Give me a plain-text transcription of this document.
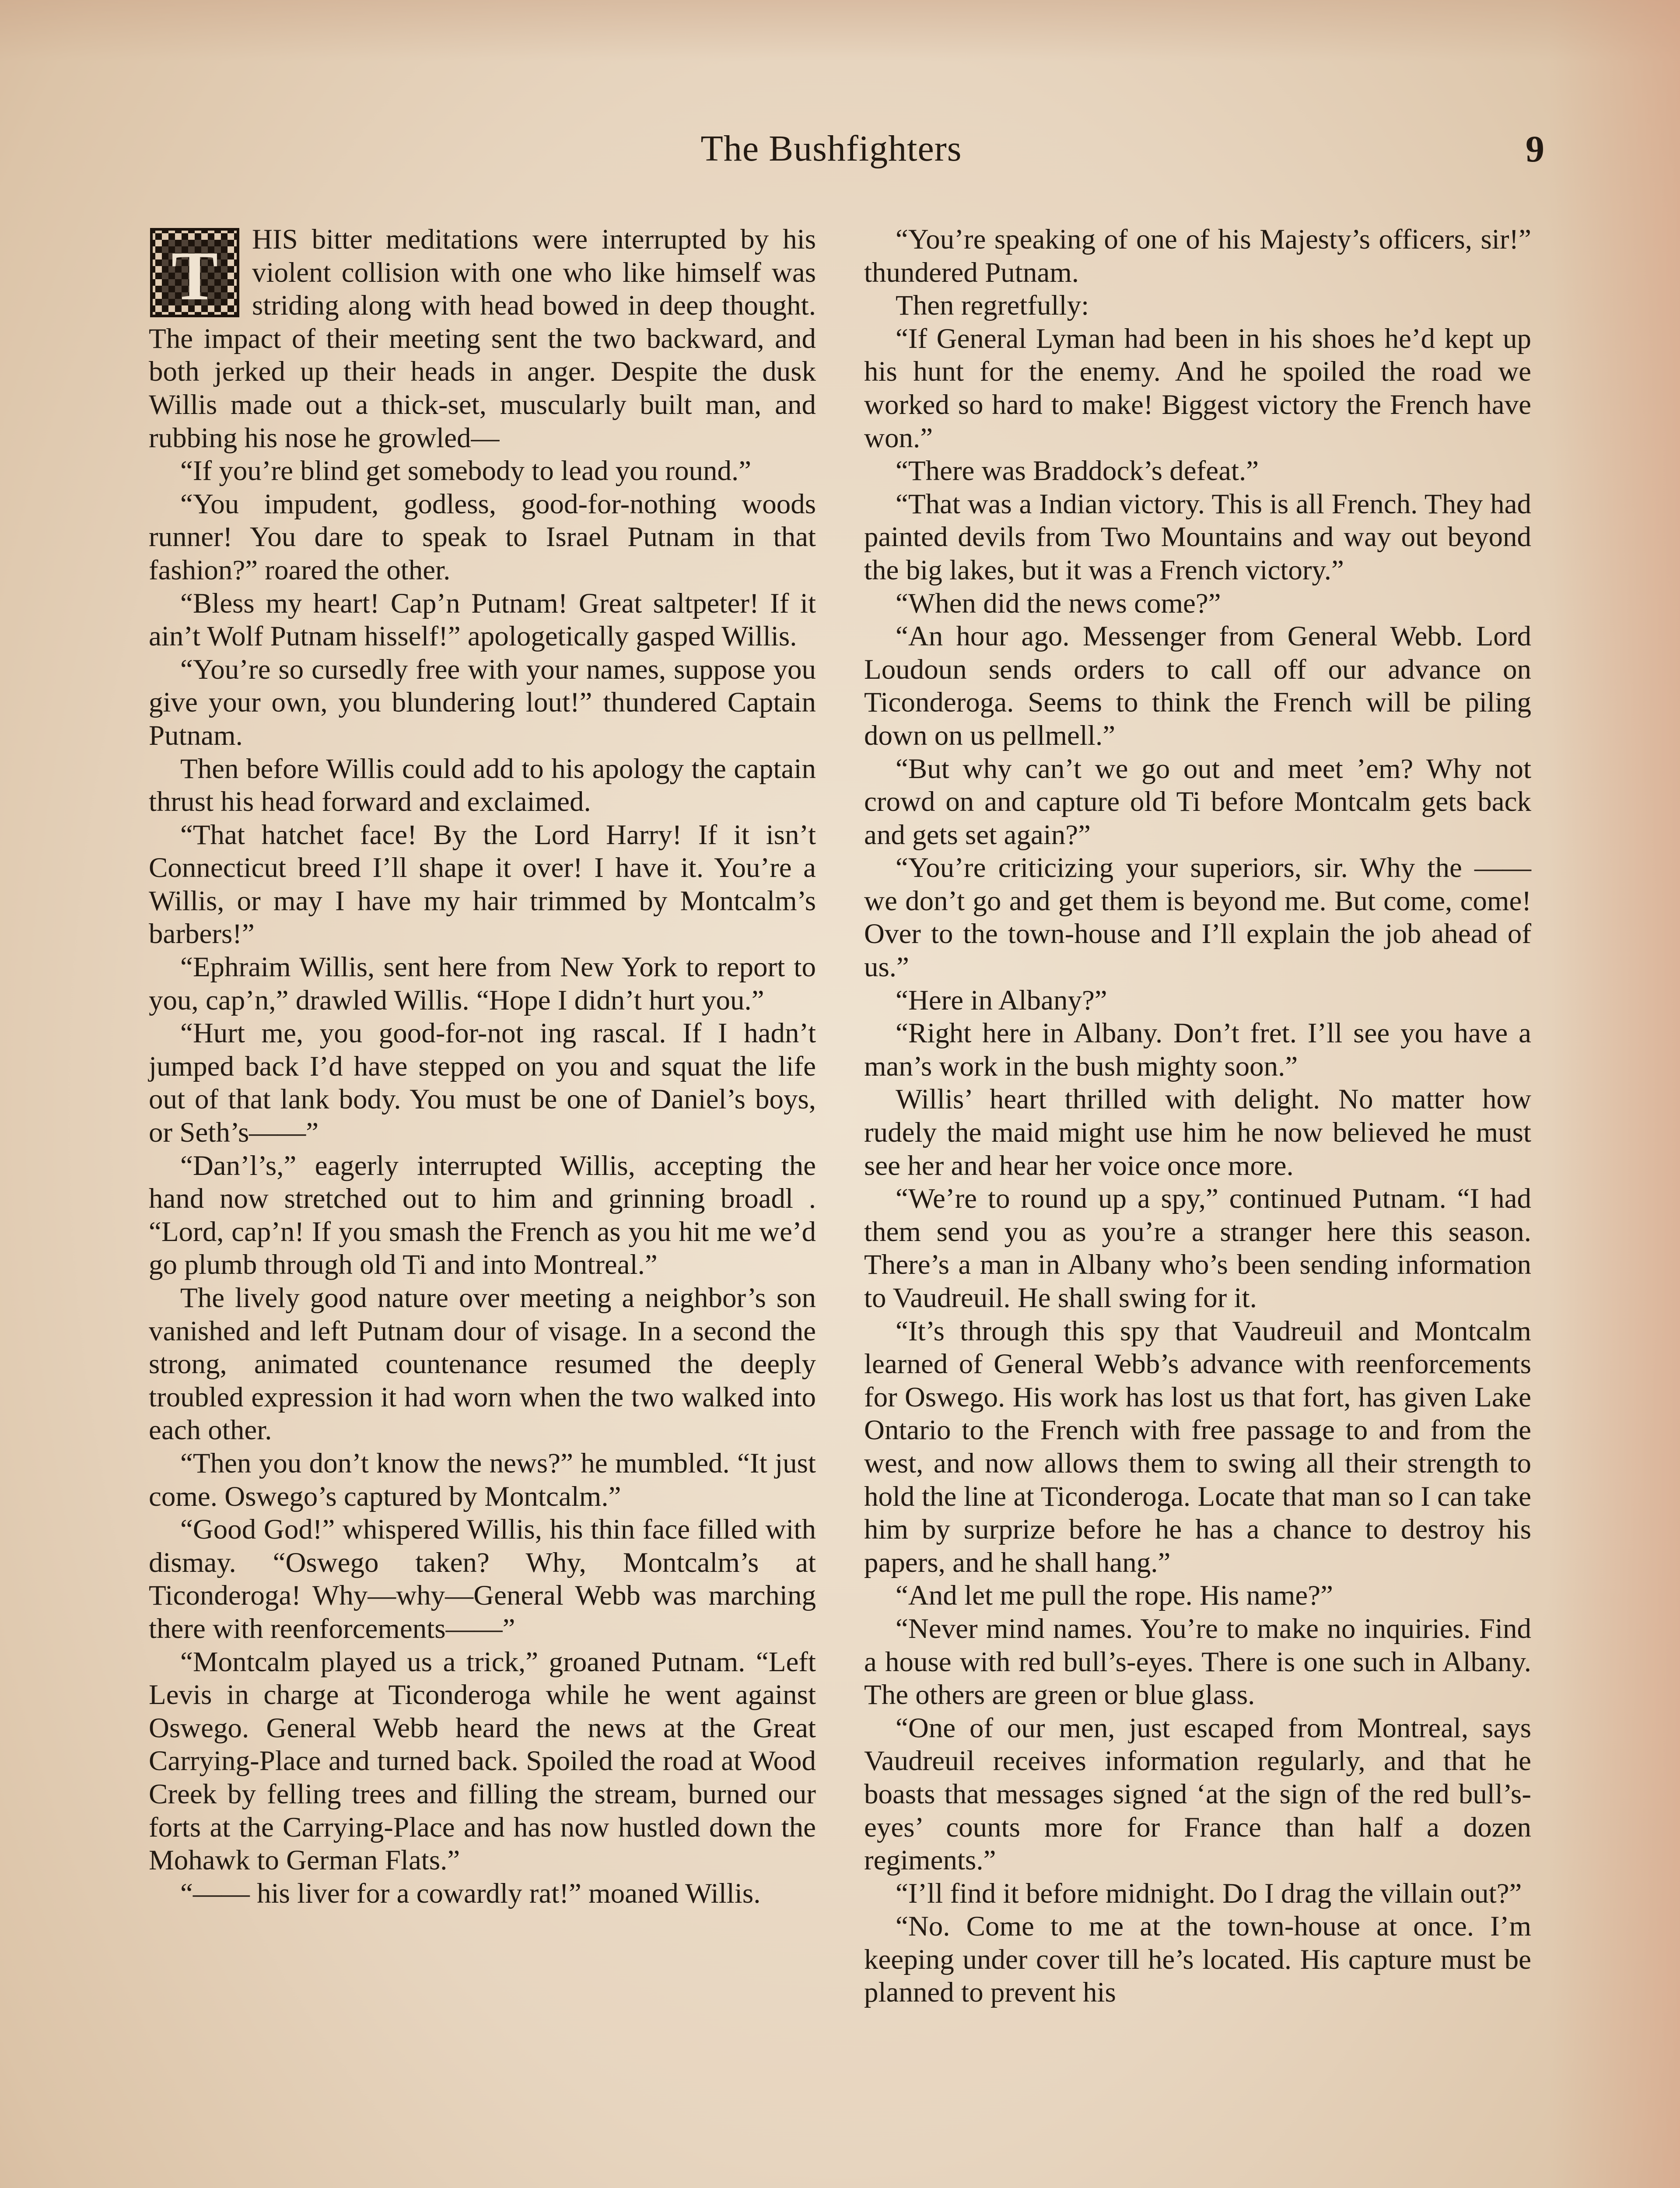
The Bushfighters	9
T	HIS bitter meditations were interrupted by his violent collision with one who like himself was striding along with head bowed in deep thought. The impact of their meeting sent the two backward, and both jerked up their heads in anger. Despite the dusk Willis made out a thick-set, muscularly built man, and rubbing his nose he growled—

“If you’re blind get somebody to lead you round.”

“You impudent, godless, good-for-nothing woods runner! You dare to speak to Israel Putnam in that fashion?” roared the other.

“Bless my heart! Cap’n Putnam! Great saltpeter! If it ain’t Wolf Putnam hisself!” apologetically gasped Willis.

“You’re so cursedly free with your names, suppose you give your own, you blundering lout!” thundered Captain Putnam.

Then before Willis could add to his apology the captain thrust his head forward and exclaimed.

“That hatchet face! By the Lord Harry! If it isn’t Connecticut breed I’ll shape it over! I have it. You’re a Willis, or may I have my hair trimmed by Montcalm’s barbers!”

“Ephraim Willis, sent here from New York to report to you, cap’n,” drawled Willis. “Hope I didn’t hurt you.”

“Hurt me, you good-for-not ing rascal. If I hadn’t jumped back I’d have stepped on you and squat the life out of that lank body. You must be one of Daniel’s boys, or Seth’s——”

“Dan’l’s,” eagerly interrupted Willis, accepting the hand now stretched out to him and grinning broadl . “Lord, cap’n! If you smash the French as you hit me we’d go plumb through old Ti and into Montreal.”

The lively good nature over meeting a neighbor’s son vanished and left Putnam dour of visage. In a second the strong, animated countenance resumed the deeply troubled expression it had worn when the two walked into each other.

“Then you don’t know the news?” he mumbled. “It just come. Oswego’s captured by Montcalm.”

“Good God!” whispered Willis, his thin face filled with dismay. “Oswego taken? Why, Montcalm’s at Ticonderoga! Why—why—General Webb was marching there with reenforcements——”

“Montcalm played us a trick,” groaned Putnam. “Left Levis in charge at Ticonderoga while he went against Oswego. General Webb heard the news at the Great Carrying-Place and turned back. Spoiled the road at Wood Creek by felling trees and filling the stream, burned our forts at the Carrying-Place and has now hustled down the Mohawk to German Flats.”

“—— his liver for a cowardly rat!” moaned Willis.

“You’re speaking of one of his Majesty’s officers, sir!” thundered Putnam.

Then regretfully:

“If General Lyman had been in his shoes he’d kept up his hunt for the enemy. And he spoiled the road we worked so hard to make! Biggest victory the French have won.”

“There was Braddock’s defeat.”

“That was a Indian victory. This is all French. They had painted devils from Two Mountains and way out beyond the big lakes, but it was a French victory.”

“When did the news come?”

“An hour ago. Messenger from General Webb. Lord Loudoun sends orders to call off our advance on Ticonderoga. Seems to think the French will be piling down on us pellmell.”

“But why can’t we go out and meet ’em? Why not crowd on and capture old Ti before Montcalm gets back and gets set again?”

“You’re criticizing your superiors, sir. Why the —— we don’t go and get them is beyond me. But come, come! Over to the town-house and I’ll explain the job ahead of us.”

“Here in Albany?”

“Right here in Albany. Don’t fret. I’ll see you have a man’s work in the bush mighty soon.”

Willis’ heart thrilled with delight. No matter how rudely the maid might use him he now believed he must see her and hear her voice once more.

“We’re to round up a spy,” continued Putnam. “I had them send you as you’re a stranger here this season. There’s a man in Albany who’s been sending information to Vaudreuil. He shall swing for it.

“It’s through this spy that Vaudreuil and Montcalm learned of General Webb’s advance with reenforcements for Oswego. His work has lost us that fort, has given Lake Ontario to the French with free passage to and from the west, and now allows them to swing all their strength to hold the line at Ticonderoga. Locate that man so I can take him by surprize before he has a chance to destroy his papers, and he shall hang.”

“And let me pull the rope. His name?”

“Never mind names. You’re to make no inquiries. Find a house with red bull’s-eyes. There is one such in Albany. The others are green or blue glass.

“One of our men, just escaped from Montreal, says Vaudreuil receives information regularly, and that he boasts that messages signed ‘at the sign of the red bull’s-eyes’ counts more for France than half a dozen regiments.”

“I’ll find it before midnight. Do I drag the villain out?”

“No. Come to me at the town-house at once. I’m keeping under cover till he’s located. His capture must be planned to prevent his
